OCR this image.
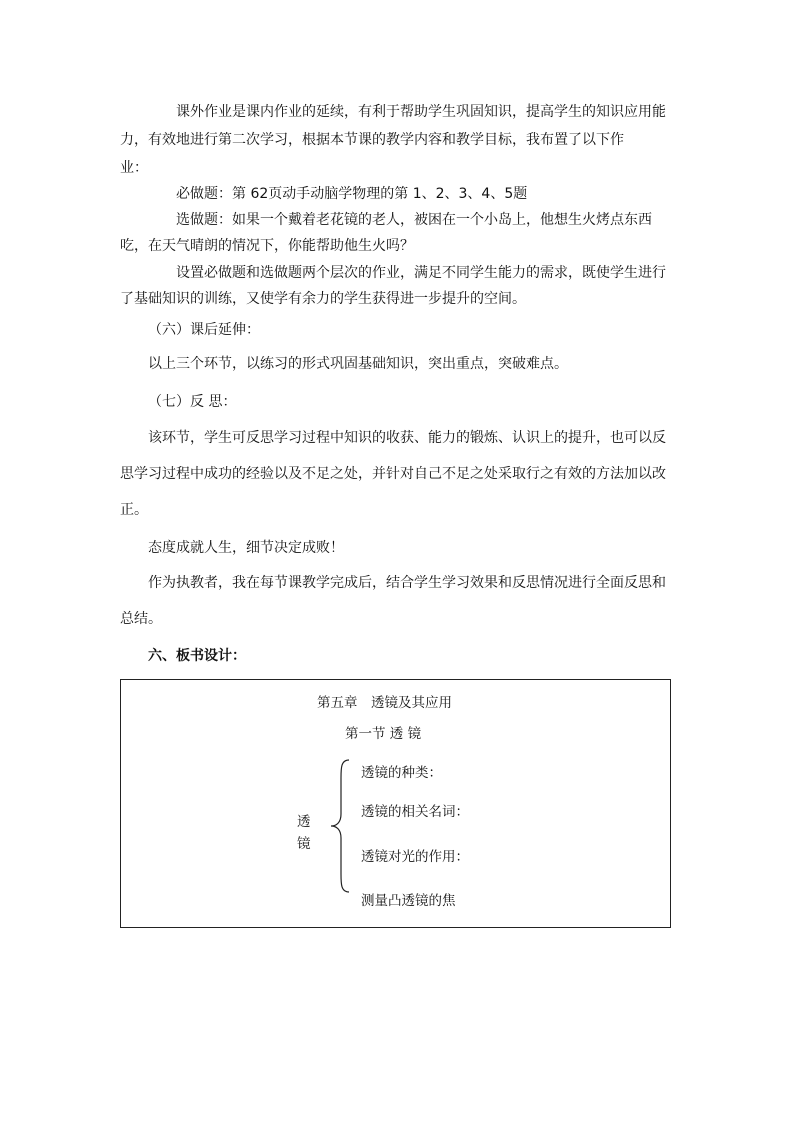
课外作业是课内作业的延续，有利于帮助学生巩固知识，提高学生的知识应用能

力，有效地进行第二次学习，根据本节课的教学内容和教学目标，我布置了以下作

业：

必做题：第 62页动手动脑学物理的第 1、2、3、4、5题

选做题：如果一个戴着老花镜的老人，被困在一个小岛上，他想生火烤点东西

吃，在天气晴朗的情况下，你能帮助他生火吗？

设置必做题和选做题两个层次的作业，满足不同学生能力的需求，既使学生进行

了基础知识的训练，又使学有余力的学生获得进一步提升的空间。

（六）课后延伸：

以上三个环节，以练习的形式巩固基础知识，突出重点，突破难点。

（七）反 思：

该环节，学生可反思学习过程中知识的收获、能力的锻炼、认识上的提升，也可以反

思学习过程中成功的经验以及不足之处，并针对自己不足之处采取行之有效的方法加以改

正。

态度成就人生，细节决定成败！

作为执教者，我在每节课教学完成后，结合学生学习效果和反思情况进行全面反思和

总结。

六、板书设计：

第五章　透镜及其应用
第一节 透 镜
透
镜
透镜的种类：
透镜的相关名词：
透镜对光的作用：
测量凸透镜的焦
